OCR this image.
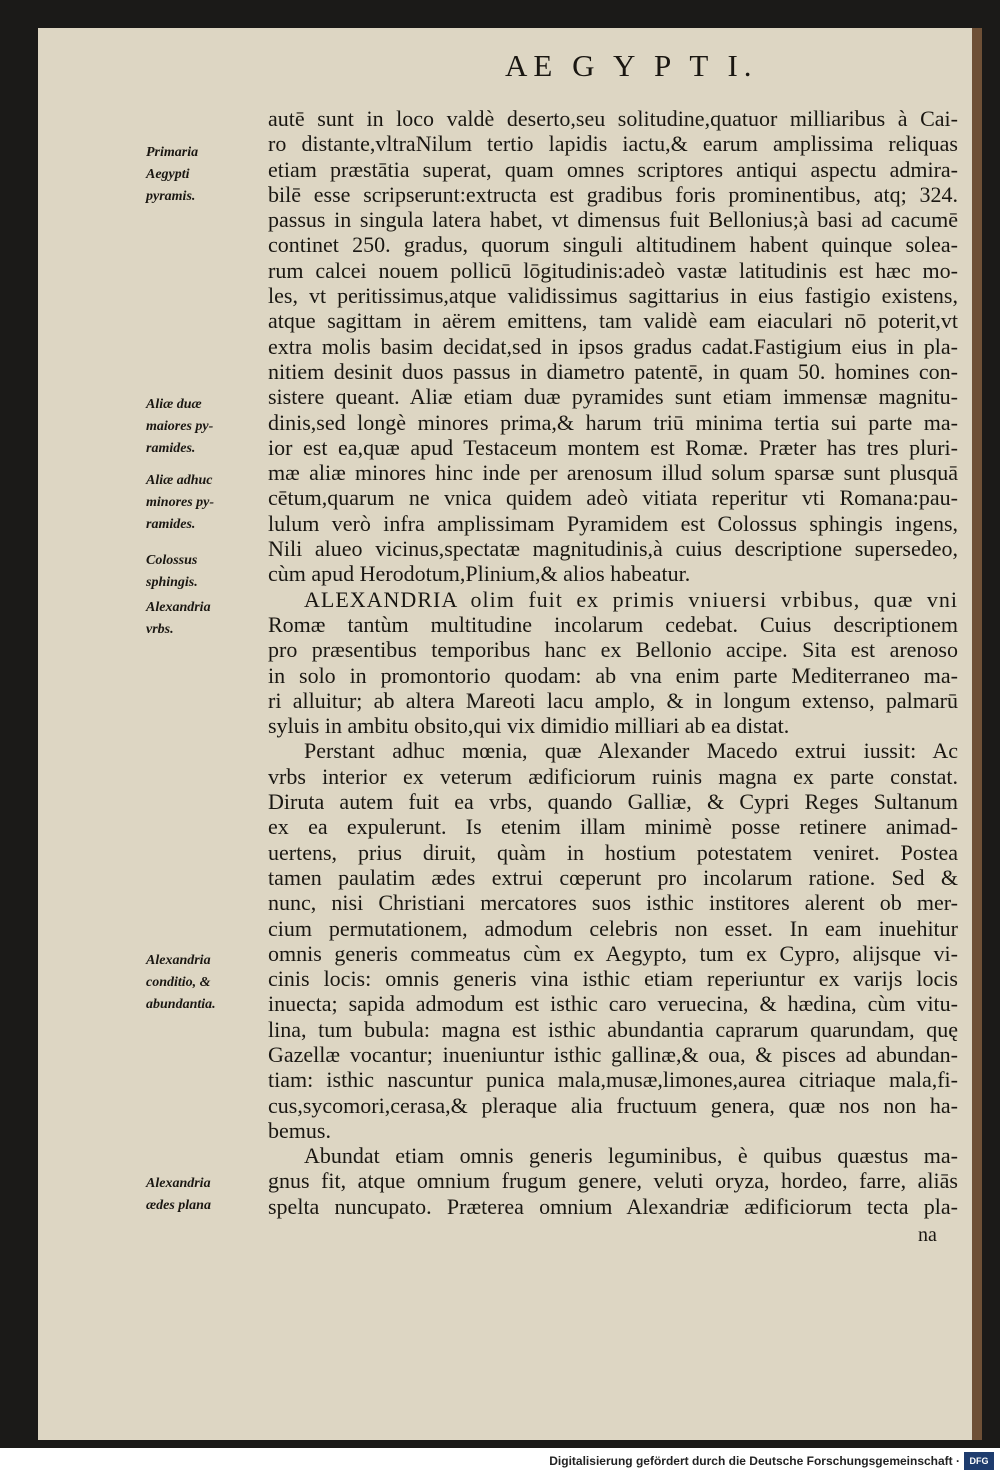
AE G Y P T I.
Primaria
Aegypti
pyramis.
Aliæ duæ
maiores py-
ramides.
Aliæ adhuc
minores py-
ramides.
Colossus
sphingis.
Alexandria
vrbs.
Alexandria
conditio, &
abundantia.
Alexandria
ædes plana
autē sunt in loco valdè deserto,seu solitudine,quatuor milliaribus à Cai-
ro distante,vltraNilum tertio lapidis iactu,& earum amplissima reliquas
etiam præstātia superat, quam omnes scriptores antiqui aspectu admira-
bilē esse scripserunt:extructa est gradibus foris prominentibus, atq; 324.
passus in singula latera habet, vt dimensus fuit Bellonius;à basi ad cacumē
continet 250. gradus, quorum singuli altitudinem habent quinque solea-
rum calcei nouem pollicū lōgitudinis:adeò vastæ latitudinis est hæc mo-
les, vt peritissimus,atque validissimus sagittarius in eius fastigio existens,
atque sagittam in aërem emittens, tam validè eam eiaculari nō poterit,vt
extra molis basim decidat,sed in ipsos gradus cadat.Fastigium eius in pla-
nitiem desinit duos passus in diametro patentē, in quam 50. homines con-
sistere queant. Aliæ etiam duæ pyramides sunt etiam immensæ magnitu-
dinis,sed longè minores prima,& harum triū minima tertia sui parte ma-
ior est ea,quæ apud Testaceum montem est Romæ. Præter has tres pluri-
mæ aliæ minores hinc inde per arenosum illud solum sparsæ sunt plusquā
cētum,quarum ne vnica quidem adeò vitiata reperitur vti Romana:pau-
lulum verò infra amplissimam Pyramidem est Colossus sphingis ingens,
Nili alueo vicinus,spectatæ magnitudinis,à cuius descriptione supersedeo,
cùm apud Herodotum,Plinium,& alios habeatur.
ALEXANDRIA olim fuit ex primis vniuersi vrbibus, quæ vni
Romæ tantùm multitudine incolarum cedebat. Cuius descriptionem
pro præsentibus temporibus hanc ex Bellonio accipe. Sita est arenoso
in solo in promontorio quodam: ab vna enim parte Mediterraneo ma-
ri alluitur; ab altera Mareoti lacu amplo, & in longum extenso, palmarū
syluis in ambitu obsito,qui vix dimidio milliari ab ea distat.
Perstant adhuc mœnia, quæ Alexander Macedo extrui iussit: Ac
vrbs interior ex veterum ædificiorum ruinis magna ex parte constat.
Diruta autem fuit ea vrbs, quando Galliæ, & Cypri Reges Sultanum
ex ea expulerunt. Is etenim illam minimè posse retinere animad-
uertens, prius diruit, quàm in hostium potestatem veniret. Postea
tamen paulatim ædes extrui cœperunt pro incolarum ratione. Sed &
nunc, nisi Christiani mercatores suos isthic institores alerent ob mer-
cium permutationem, admodum celebris non esset. In eam inuehitur
omnis generis commeatus cùm ex Aegypto, tum ex Cypro, alijsque vi-
cinis locis: omnis generis vina isthic etiam reperiuntur ex varijs locis
inuecta; sapida admodum est isthic caro veruecina, & hædina, cùm vitu-
lina, tum bubula: magna est isthic abundantia caprarum quarundam, quę
Gazellæ vocantur; inueniuntur isthic gallinæ,& oua, & pisces ad abundan-
tiam: isthic nascuntur punica mala,musæ,limones,aurea citriaque mala,fi-
cus,sycomori,cerasa,& pleraque alia fructuum genera, quæ nos non ha-
bemus.
Abundat etiam omnis generis leguminibus, è quibus quæstus ma-
gnus fit, atque omnium frugum genere, veluti oryza, hordeo, farre, aliās
spelta nuncupato. Præterea omnium Alexandriæ ædificiorum tecta pla-
na
Digitalisierung gefördert durch die Deutsche Forschungsgemeinschaft ·	DFG
